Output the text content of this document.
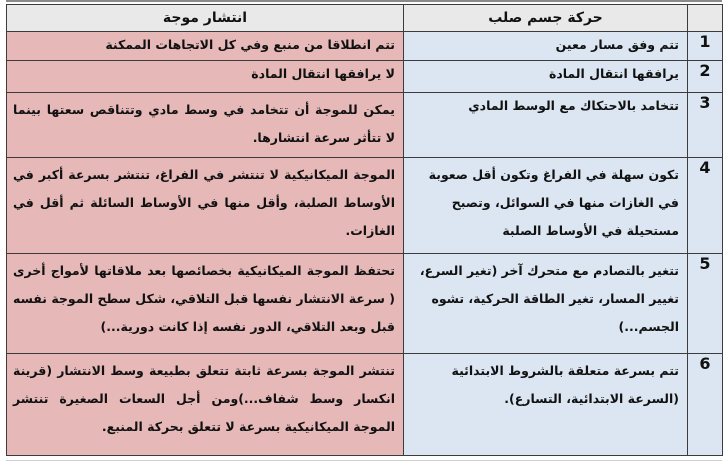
انتشار موجة	حركة جسم صلب	

تتم انطلاقا من منبع وفي كل الاتجاهات الممكنة	تتم وفق مسار معين	1

لا يرافقها انتقال المادة	يرافقها انتقال المادة	2

يمكن للموجة أن تتخامد في وسط مادي وتتناقص سعتها بينما لا تتأثر سرعة انتشارها.	تتخامد بالاحتكاك مع الوسط المادي	3

الموجة الميكانيكية لا تنتشر في الفراغ، تنتشر بسرعة أكبر في الأوساط الصلبة، وأقل منها في الأوساط السائلة ثم أقل في الغازات.	تكون سهلة في الفراغ وتكون أقل صعوبة في الغازات منها في السوائل، وتصبح مستحيلة في الأوساط الصلبة	4

تحتفظ الموجة الميكانيكية بخصائصها بعد ملاقاتها لأمواج أخرى ( سرعة الانتشار نفسها قبل التلاقي، شكل سطح الموجة نفسه قبل وبعد التلاقي، الدور نفسه إذا كانت دورية...)	تتغير بالتصادم مع متحرك آخر (تغير السرع، تغيير المسار، تغير الطاقة الحركية، تشوه الجسم...)	5

تنتشر الموجة بسرعة ثابتة تتعلق بطبيعة وسط الانتشار (قرينة انكسار وسط شفاف...)ومن أجل السعات الصغيرة تنتشر الموجة الميكانيكية بسرعة لا تتعلق بحركة المنبع.	تتم بسرعة متعلقة بالشروط الابتدائية (السرعة الابتدائية، التسارع).	6
